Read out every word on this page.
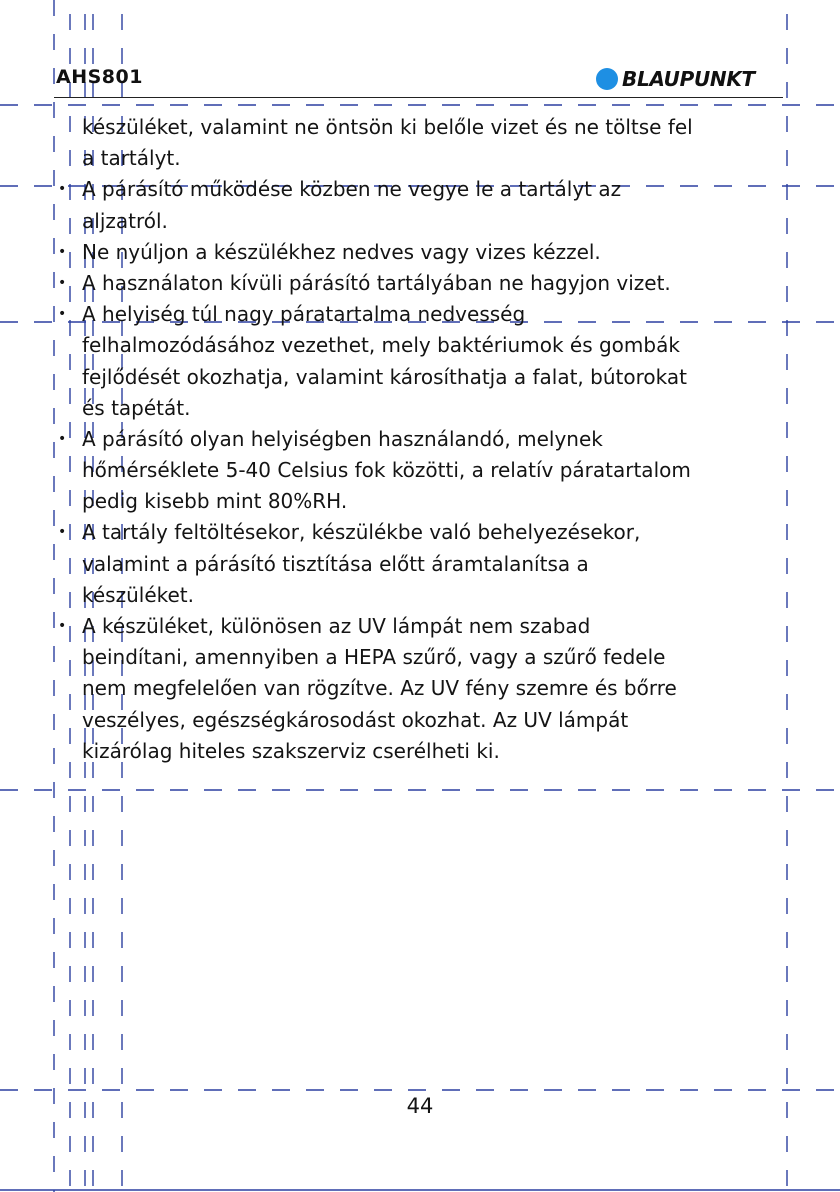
AHS801	BLAUPUNKT
készüléket, valamint ne öntsön ki belőle vizet és ne töltse fel
a tartályt.
• A párásító működése közben ne vegye le a tartályt az
aljzatról.
• Ne nyúljon a készülékhez nedves vagy vizes kézzel.
• A használaton kívüli párásító tartályában ne hagyjon vizet.
• A helyiség túl nagy páratartalma nedvesség
felhalmozódásához vezethet, mely baktériumok és gombák
fejlődését okozhatja, valamint károsíthatja a falat, bútorokat
és tapétát.
• A párásító olyan helyiségben használandó, melynek
hőmérséklete 5-40 Celsius fok közötti, a relatív páratartalom
pedig kisebb mint 80%RH.
• A tartály feltöltésekor, készülékbe való behelyezésekor,
valamint a párásító tisztítása előtt áramtalanítsa a
készüléket.
• A készüléket, különösen az UV lámpát nem szabad
beindítani, amennyiben a HEPA szűrő, vagy a szűrő fedele
nem megfelelően van rögzítve. Az UV fény szemre és bőrre
veszélyes, egészségkárosodást okozhat. Az UV lámpát
kizárólag hiteles szakszerviz cserélheti ki.
44
